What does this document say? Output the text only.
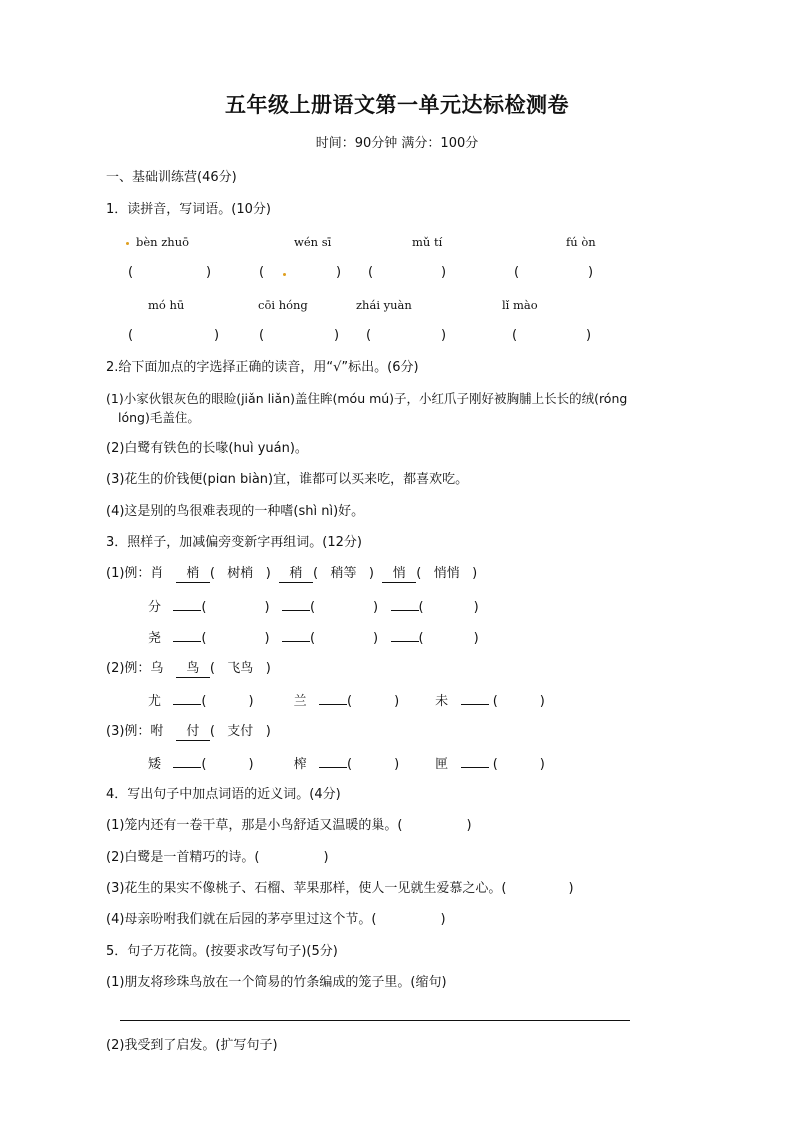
五年级上册语文第一单元达标检测卷
时间：90分钟 满分：100分
一、基础训练营(46分)
1．读拼音，写词语。(10分)
bèn zhuō	wén sī	mǔ tí	fú òn
(	)	(	) (	)	(	)
mó hū	cōi hóng	zhái yuàn	lǐ mào
(	)	(	) (	)	(	)
2.给下面加点的字选择正确的读音，用“√”标出。(6分)
(1)小家伙银灰色的眼睑(jiǎn liǎn)盖住眸(móu mú)子，小红爪子刚好被胸脯上长长的绒(róng
lóng)毛盖住。
(2)白鹭有铁色的长喙(huì yuán)。
(3)花生的价钱便(piɑn biàn)宜，谁都可以买来吃，都喜欢吃。
(4)这是别的鸟很难表现的一种嗜(shì nì)好。
3．照样子，加减偏旁变新字再组词。(12分)
(1)例：肖 梢 (   树梢   )  稍 (   稍等   )  悄 (   悄悄   )
分	(	)   (	)   (	)
尧	(	)   (	)   (	)
(2)例：乌 鸟 (   飞鸟   )
尤	(	)	兰	(	)	未	(	)
(3)例：咐 付 (   支付   )
矮	(	)	榨	(	)	匣	(	)
4．写出句子中加点词语的近义词。(4分)
(1)笼内还有一卷干草，那是小鸟舒适又温暖的巢。(	)
(2)白鹭是一首精巧的诗。(	)
(3)花生的果实不像桃子、石榴、苹果那样，使人一见就生爱慕之心。(	)
(4)母亲吩咐我们就在后园的茅亭里过这个节。(	)
5．句子万花筒。(按要求改写句子)(5分)
(1)朋友将珍珠鸟放在一个简易的竹条编成的笼子里。(缩句)
(2)我受到了启发。(扩写句子)
